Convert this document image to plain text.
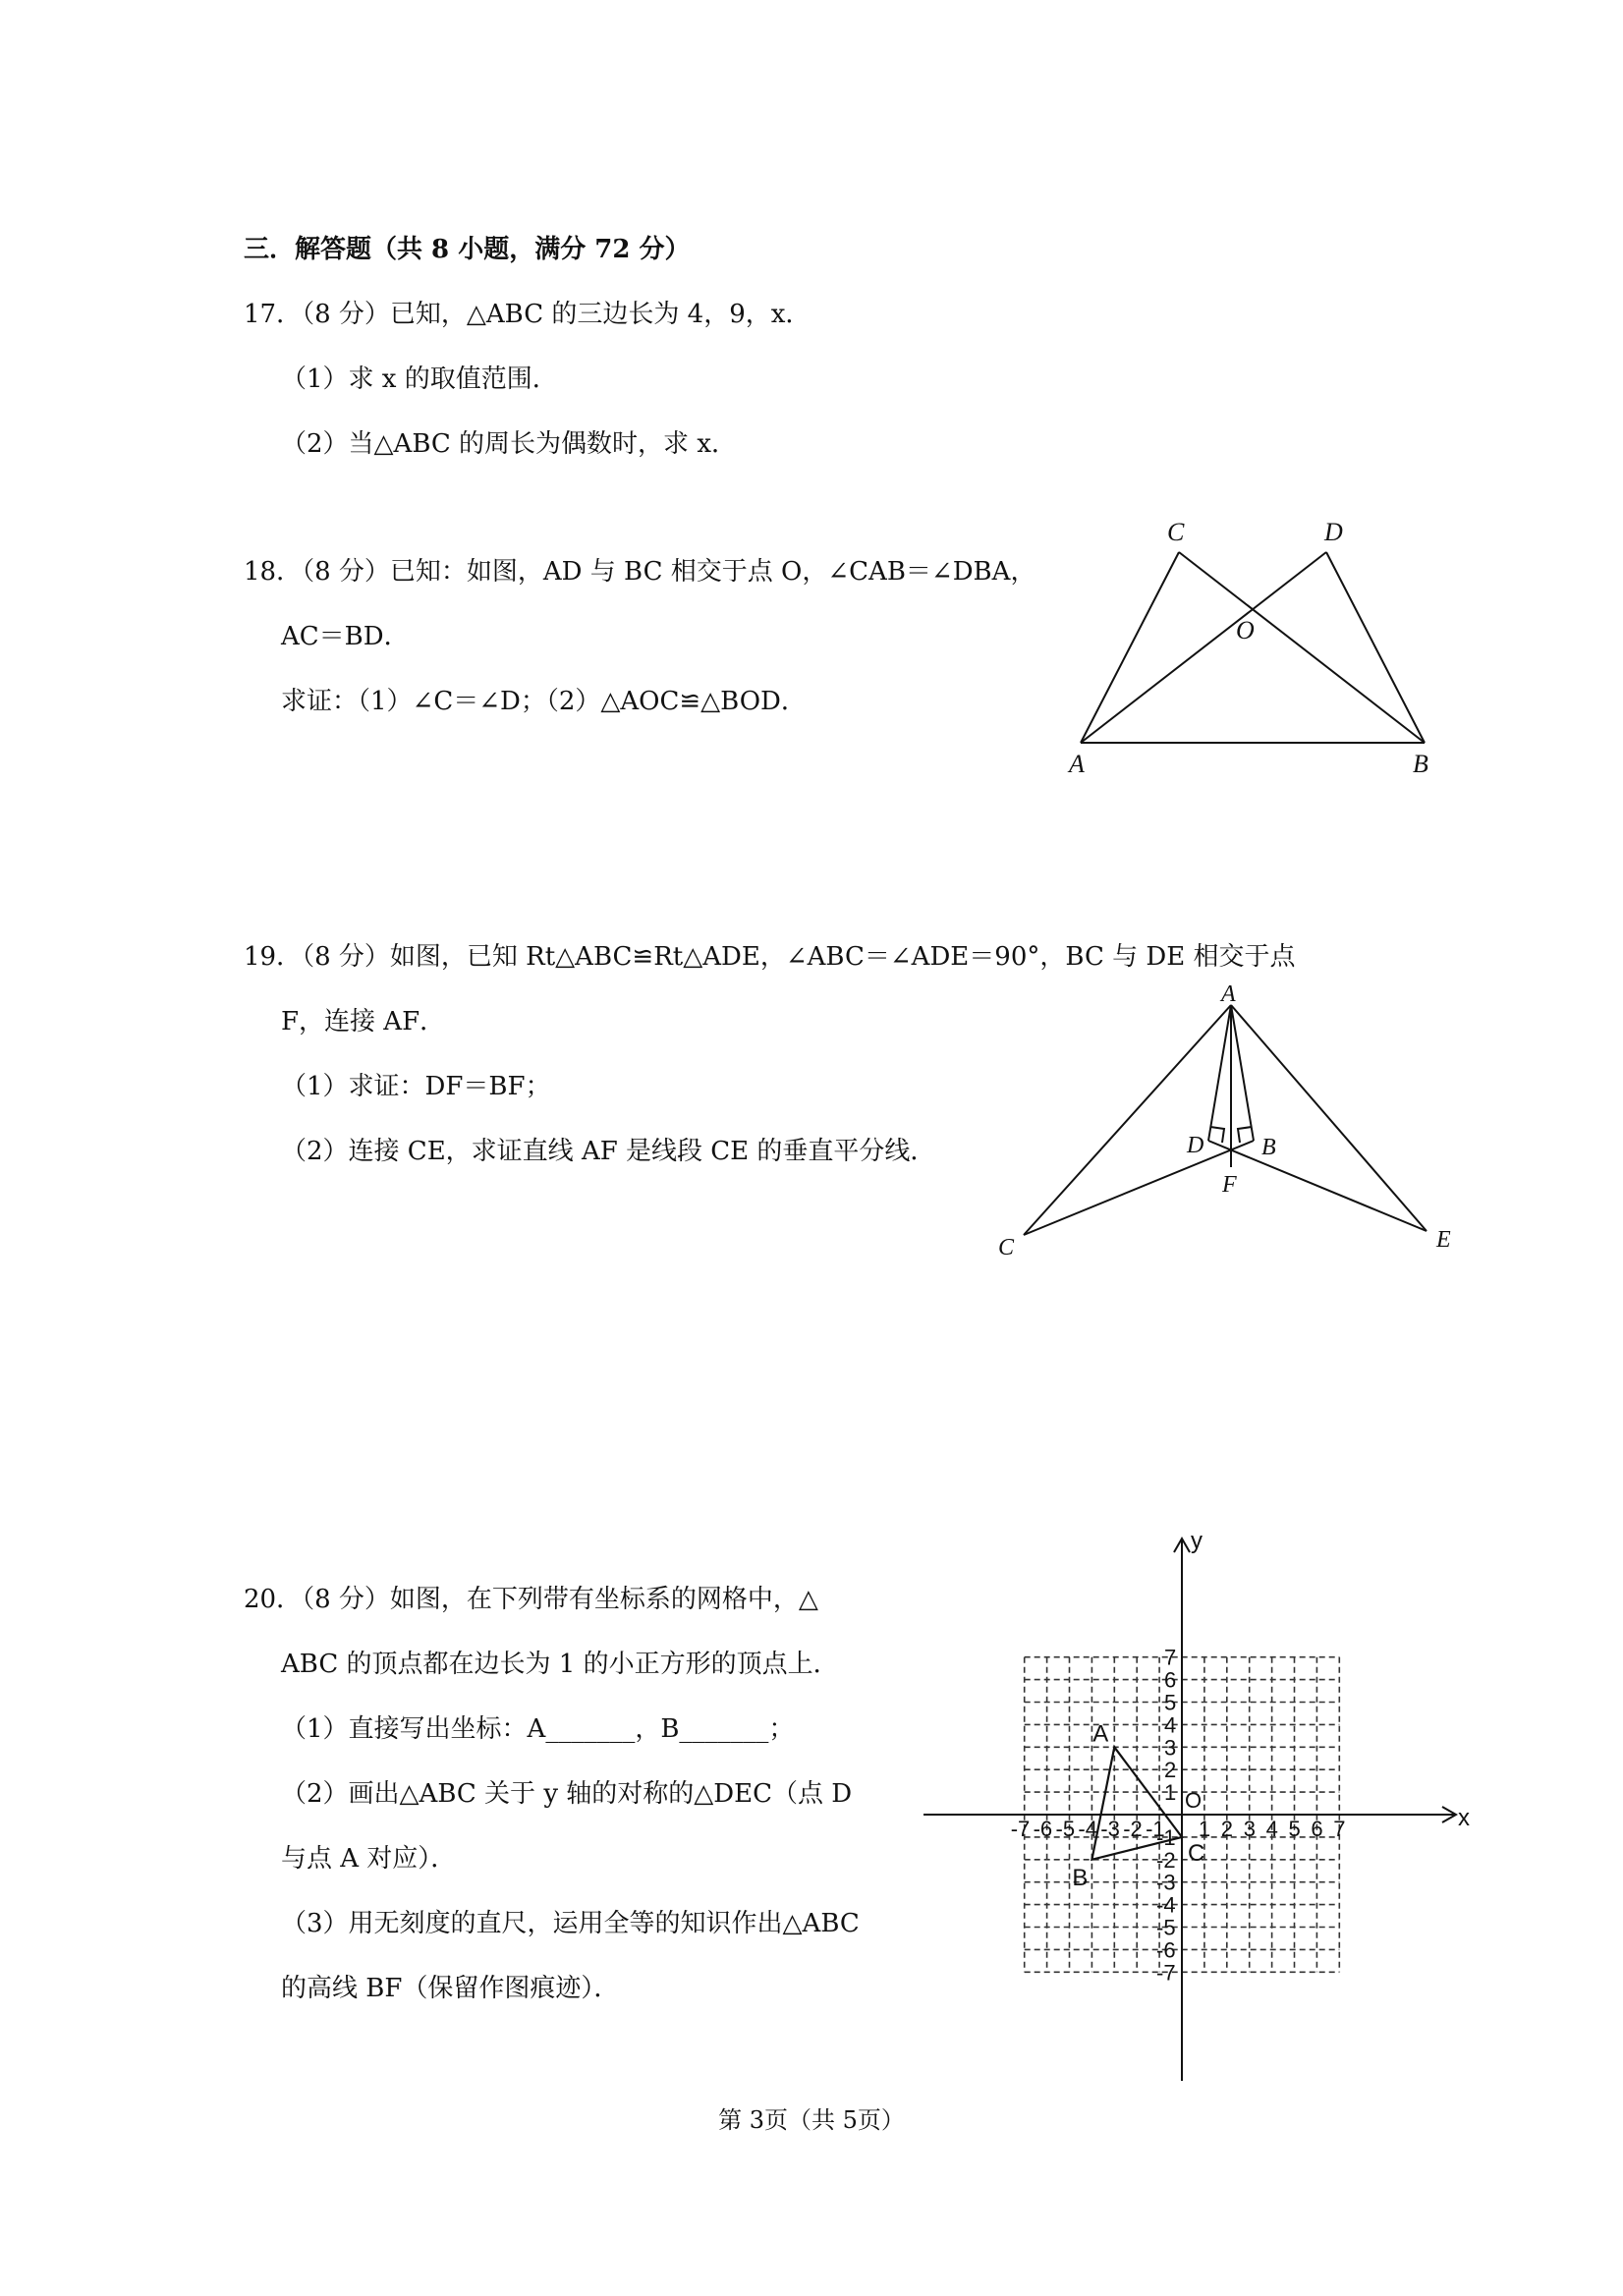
三．解答题（共 8 小题，满分 72 分）
17．（8 分）已知，△ABC 的三边长为 4，9，x．
（1）求 x 的取值范围．
（2）当△ABC 的周长为偶数时，求 x．
18．（8 分）已知：如图，AD 与 BC 相交于点 O，∠CAB＝∠DBA，
AC＝BD．
求证：（1）∠C＝∠D；（2）△AOC≌△BOD．
A	B
C	D
O
19．（8 分）如图，已知 Rt△ABC≌Rt△ADE，∠ABC＝∠ADE＝90°，BC 与 DE 相交于点
F，连接 AF．
（1）求证：DF＝BF；
（2）连接 CE，求证直线 AF 是线段 CE 的垂直平分线．
A
D B
F
C	E
20．（8 分）如图，在下列带有坐标系的网格中，△
ABC 的顶点都在边长为 1 的小正方形的顶点上．
（1）直接写出坐标：A_______，B_______；
（2）画出△ABC 关于 y 轴的对称的△DEC（点 D
与点 A 对应）．
（3）用无刻度的直尺，运用全等的知识作出△ABC
的高线 BF（保留作图痕迹）．
-7
-7
-6
-6
-5
-5
-4
-4
-3
-3
-2
-2
-1
-1 1
1
2
2
3
3
4
4
5
5
6
6
7
7
A
B
C
x
y
O
第 3页（共 5页）
